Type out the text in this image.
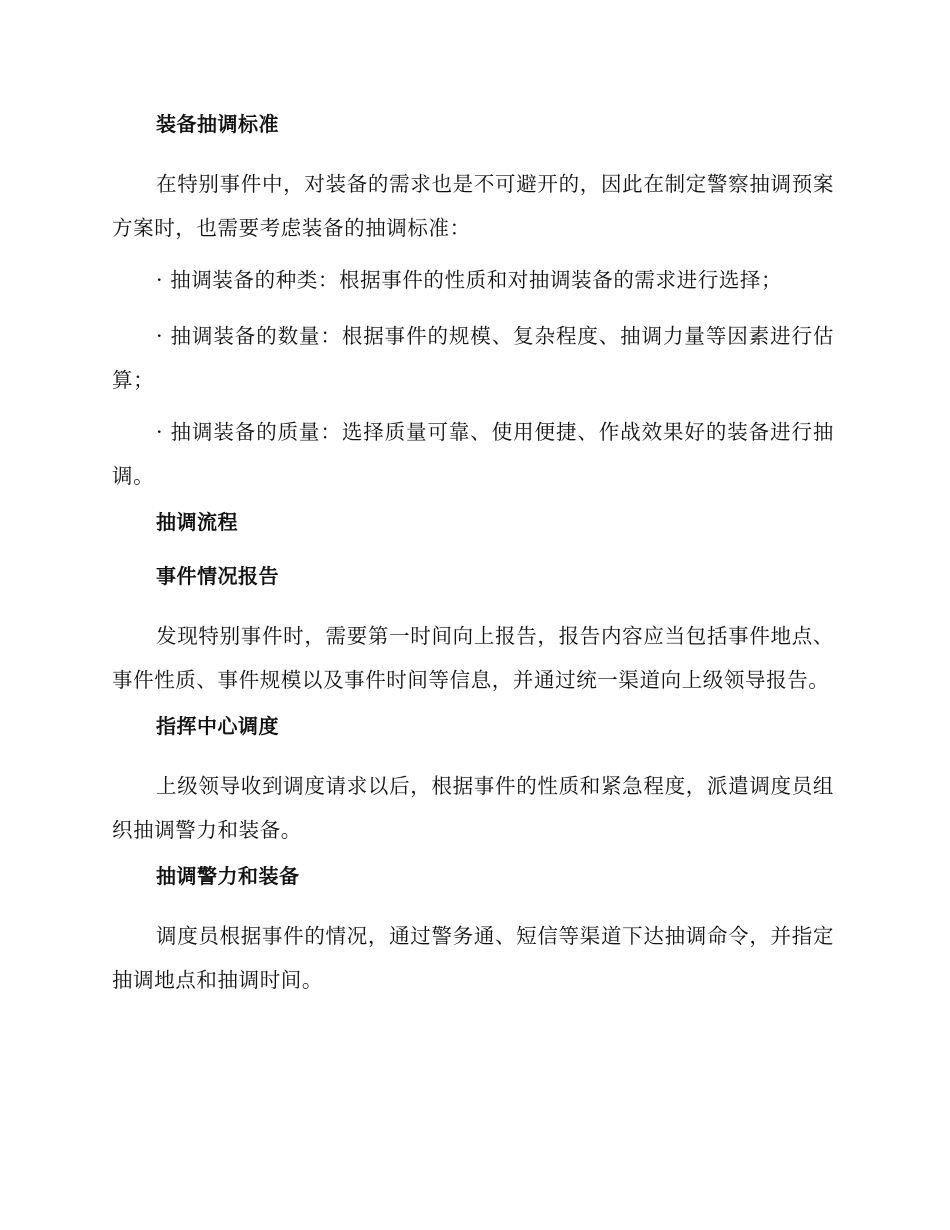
装备抽调标准

在特别事件中，对装备的需求也是不可避开的，因此在制定警察抽调预案方案时，也需要考虑装备的抽调标准：

· 抽调装备的种类：根据事件的性质和对抽调装备的需求进行选择；

· 抽调装备的数量：根据事件的规模、复杂程度、抽调力量等因素进行估算；

· 抽调装备的质量：选择质量可靠、使用便捷、作战效果好的装备进行抽调。

抽调流程
事件情况报告

发现特别事件时，需要第一时间向上报告，报告内容应当包括事件地点、事件性质、事件规模以及事件时间等信息，并通过统一渠道向上级领导报告。

指挥中心调度

上级领导收到调度请求以后，根据事件的性质和紧急程度，派遣调度员组织抽调警力和装备。

抽调警力和装备

调度员根据事件的情况，通过警务通、短信等渠道下达抽调命令，并指定抽调地点和抽调时间。
